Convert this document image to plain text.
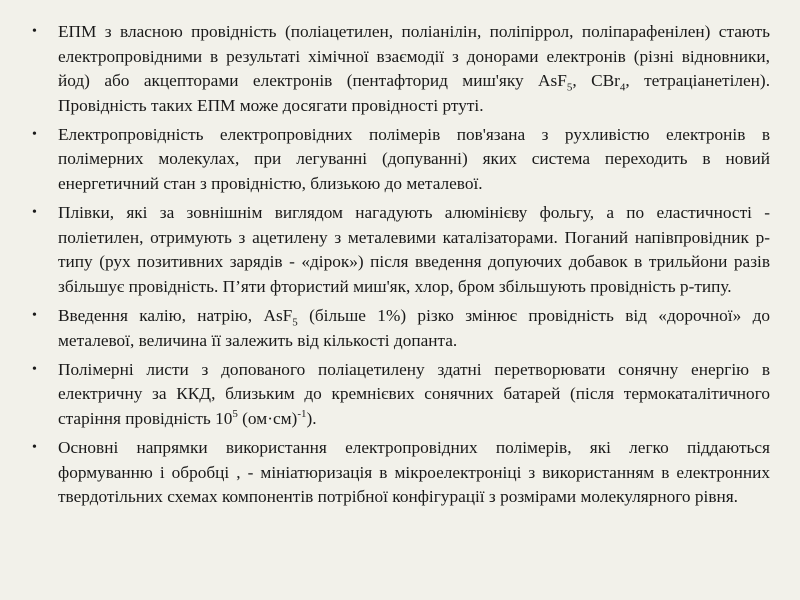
• ЕПМ з власною провідність (поліацетилен, поліанілін, поліпіррол, поліпарафенілен) стають електропровідними в результаті хімічної взаємодії з донорами електронів (різні відновники, йод) або акцепторами електронів (пентафторид миш'яку AsF$_5$, CBr$_4$, тетраціанетілен). Провідність таких ЕПМ може досягати провідності ртуті.
• Електропровідність електропровідних полімерів пов'язана з рухливістю електронів в полімерних молекулах, при легуванні (допуванні) яких система переходить в новий енергетичний стан з провідністю, близькою до металевої.
• Плівки, які за зовнішнім виглядом нагадують алюмінієву фольгу, а по еластичності - поліетилен, отримують з ацетилену з металевими каталізаторами. Поганий напівпровідник р-типу (рух позитивних зарядів - «дірок») після введення допуючих добавок в трильйони разів збільшує провідність. П’яти фтористий миш'як, хлор, бром збільшують провідність р-типу.
• Введення калію, натрію, AsF$_5$ (більше 1%) різко змінює провідність від «дорочної» до металевої, величина її залежить від кількості допанта.
• Полімерні листи з допованого поліацетилену здатні перетворювати сонячну енергію в електричну за ККД, близьким до кремнієвих сонячних батарей (після термокаталітичного старіння провідність $10^5$ $(ом\cdot см)^{-1}$).
• Основні напрямки використання електропровідних полімерів, які легко піддаються формуванню і обробці , - мініатюризація в мікроелектроніці з використанням в електронних твердотільних схемах компонентів потрібної конфігурації з розмірами молекулярного рівня.
